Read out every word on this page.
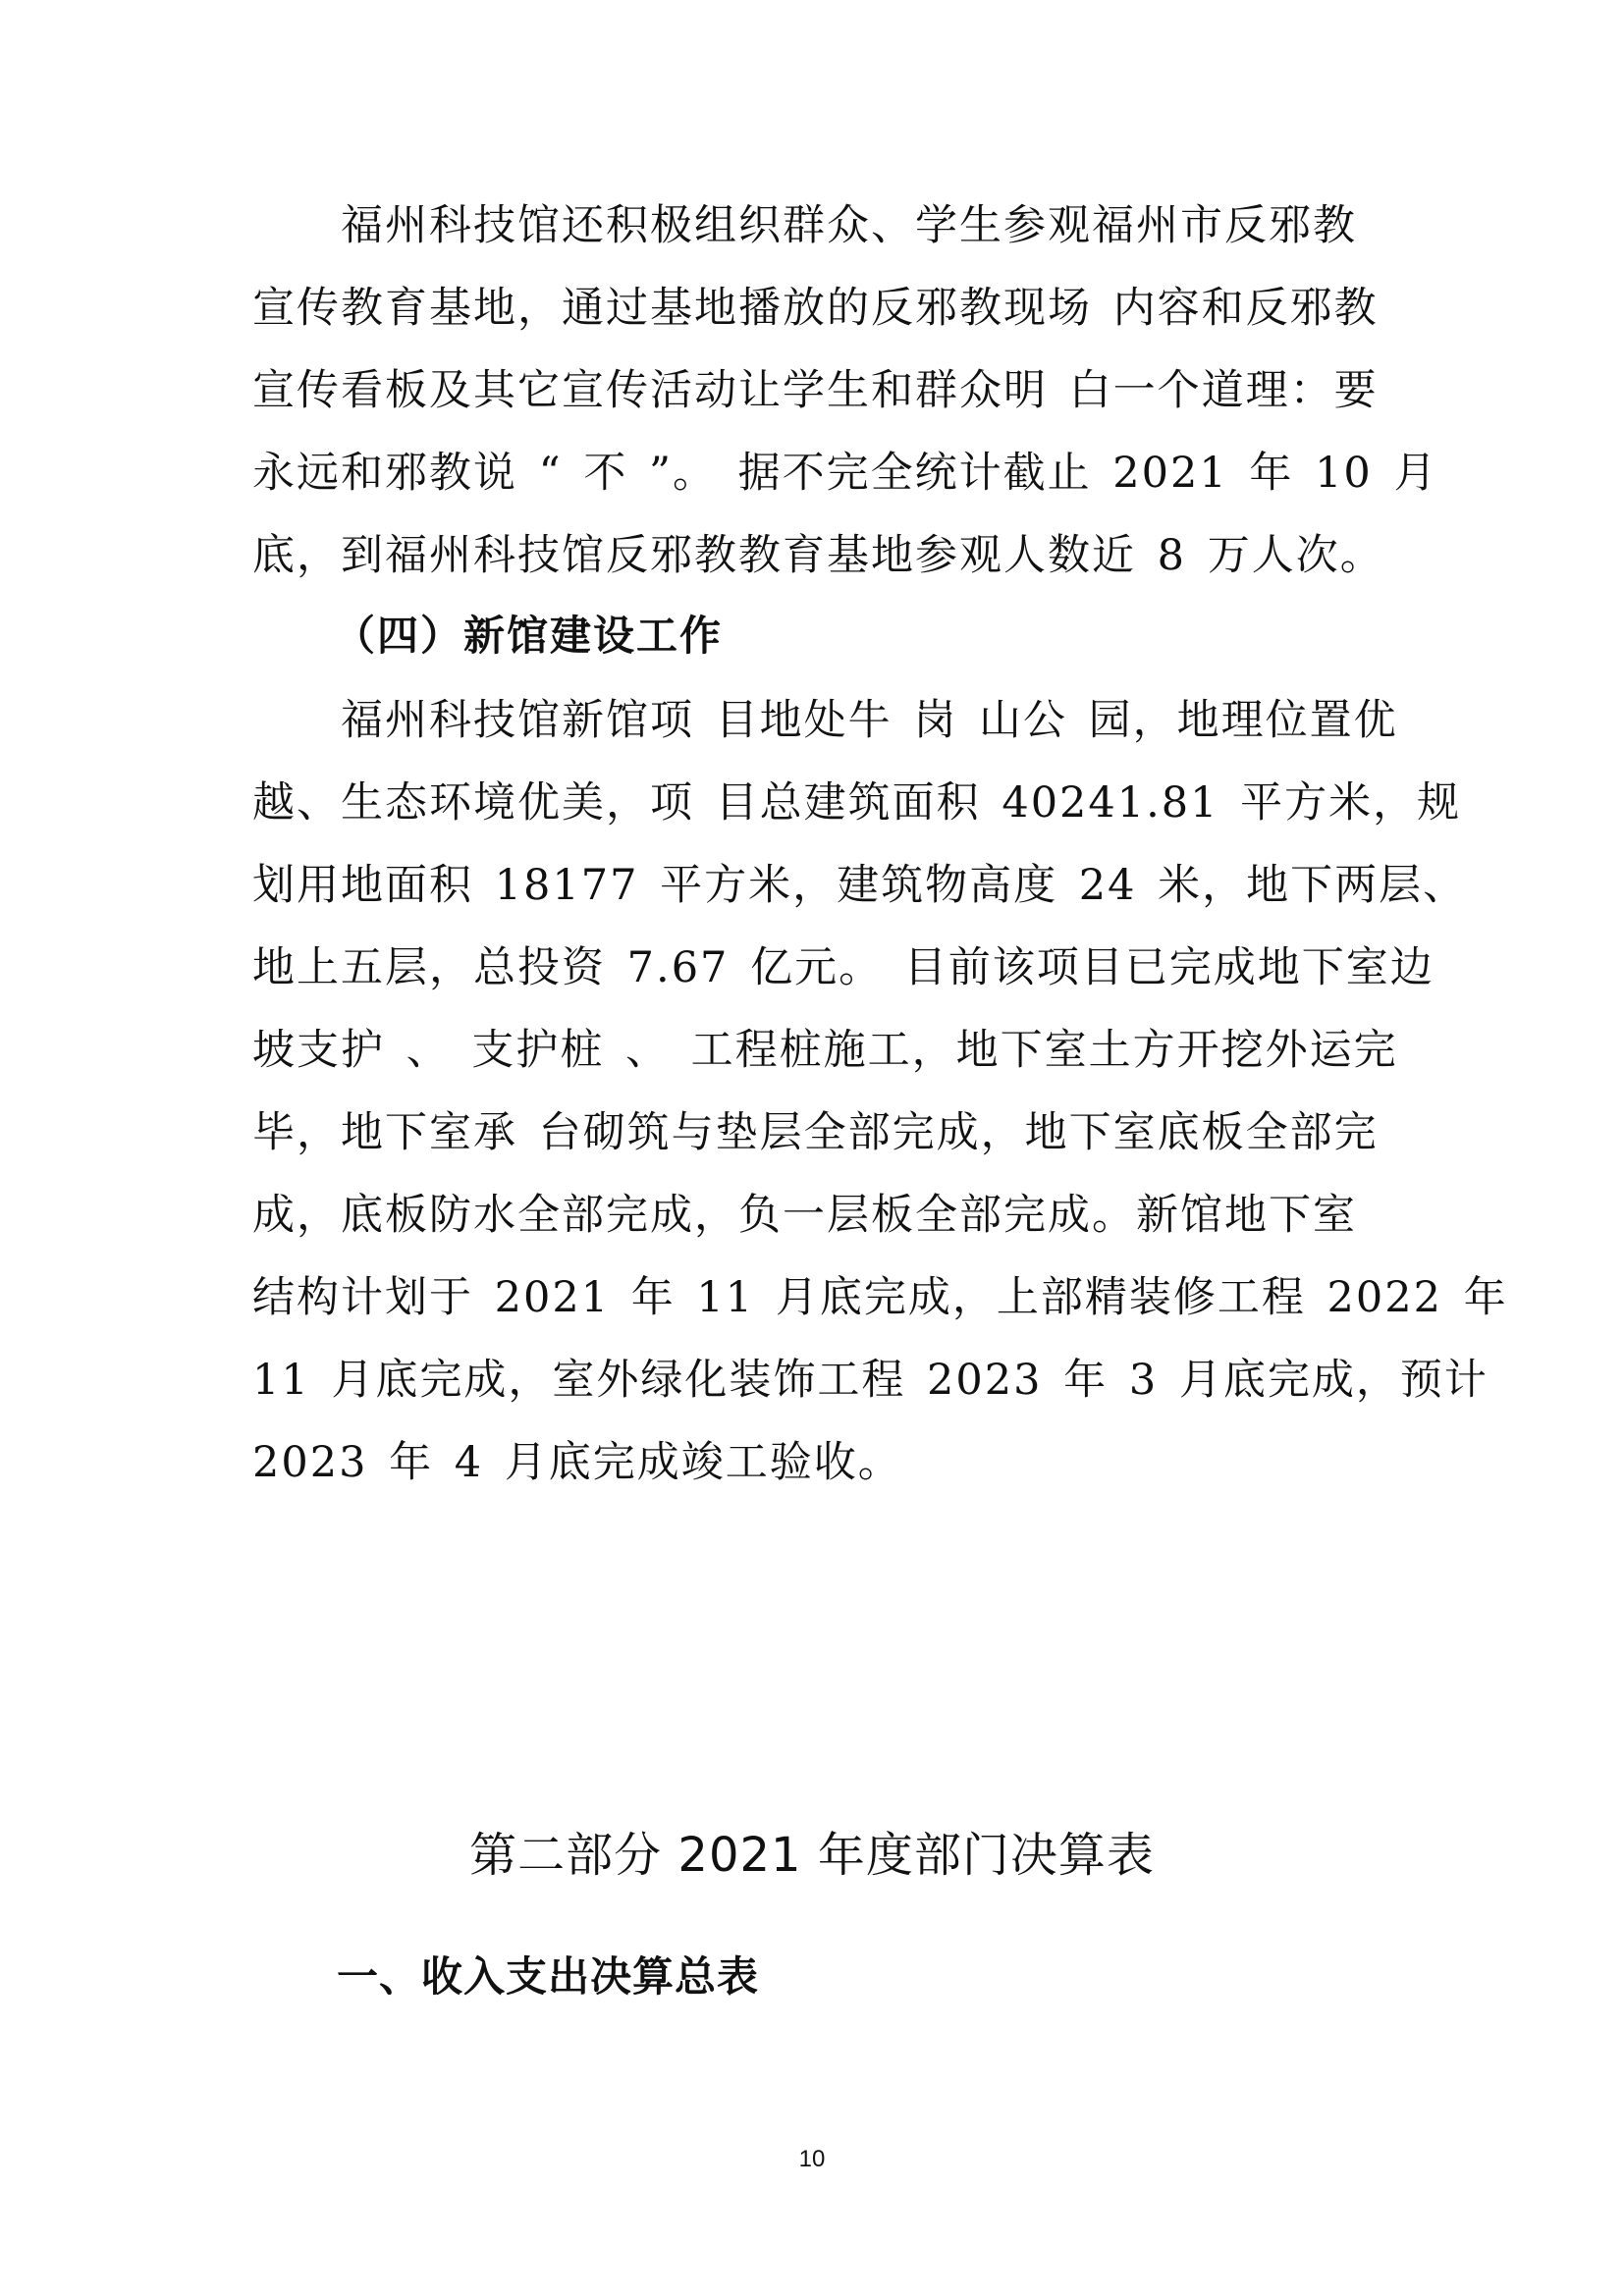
福州科技馆还积极组织群众、学生参观福州市反邪教
宣传教育基地，通过基地播放的反邪教现场 内容和反邪教
宣传看板及其它宣传活动让学生和群众明 白一个道理：要
永远和邪教说 “ 不 ”。 据不完全统计截止 2021 年 10 月
底，到福州科技馆反邪教教育基地参观人数近 8 万人次。
（四）新馆建设工作
福州科技馆新馆项 目地处牛 岗 山公 园，地理位置优
越、生态环境优美，项 目总建筑面积 40241.81 平方米，规
划用地面积 18177 平方米，建筑物高度 24 米，地下两层、
地上五层，总投资 7.67 亿元。 目前该项目已完成地下室边
坡支护 、 支护桩 、 工程桩施工，地下室土方开挖外运完
毕，地下室承 台砌筑与垫层全部完成，地下室底板全部完
成，底板防水全部完成，负一层板全部完成。新馆地下室
结构计划于 2021 年 11 月底完成，上部精装修工程 2022 年
11 月底完成，室外绿化装饰工程 2023 年 3 月底完成，预计
2023 年 4 月底完成竣工验收。
第二部分 2021 年度部门决算表
一、收入支出决算总表
10
